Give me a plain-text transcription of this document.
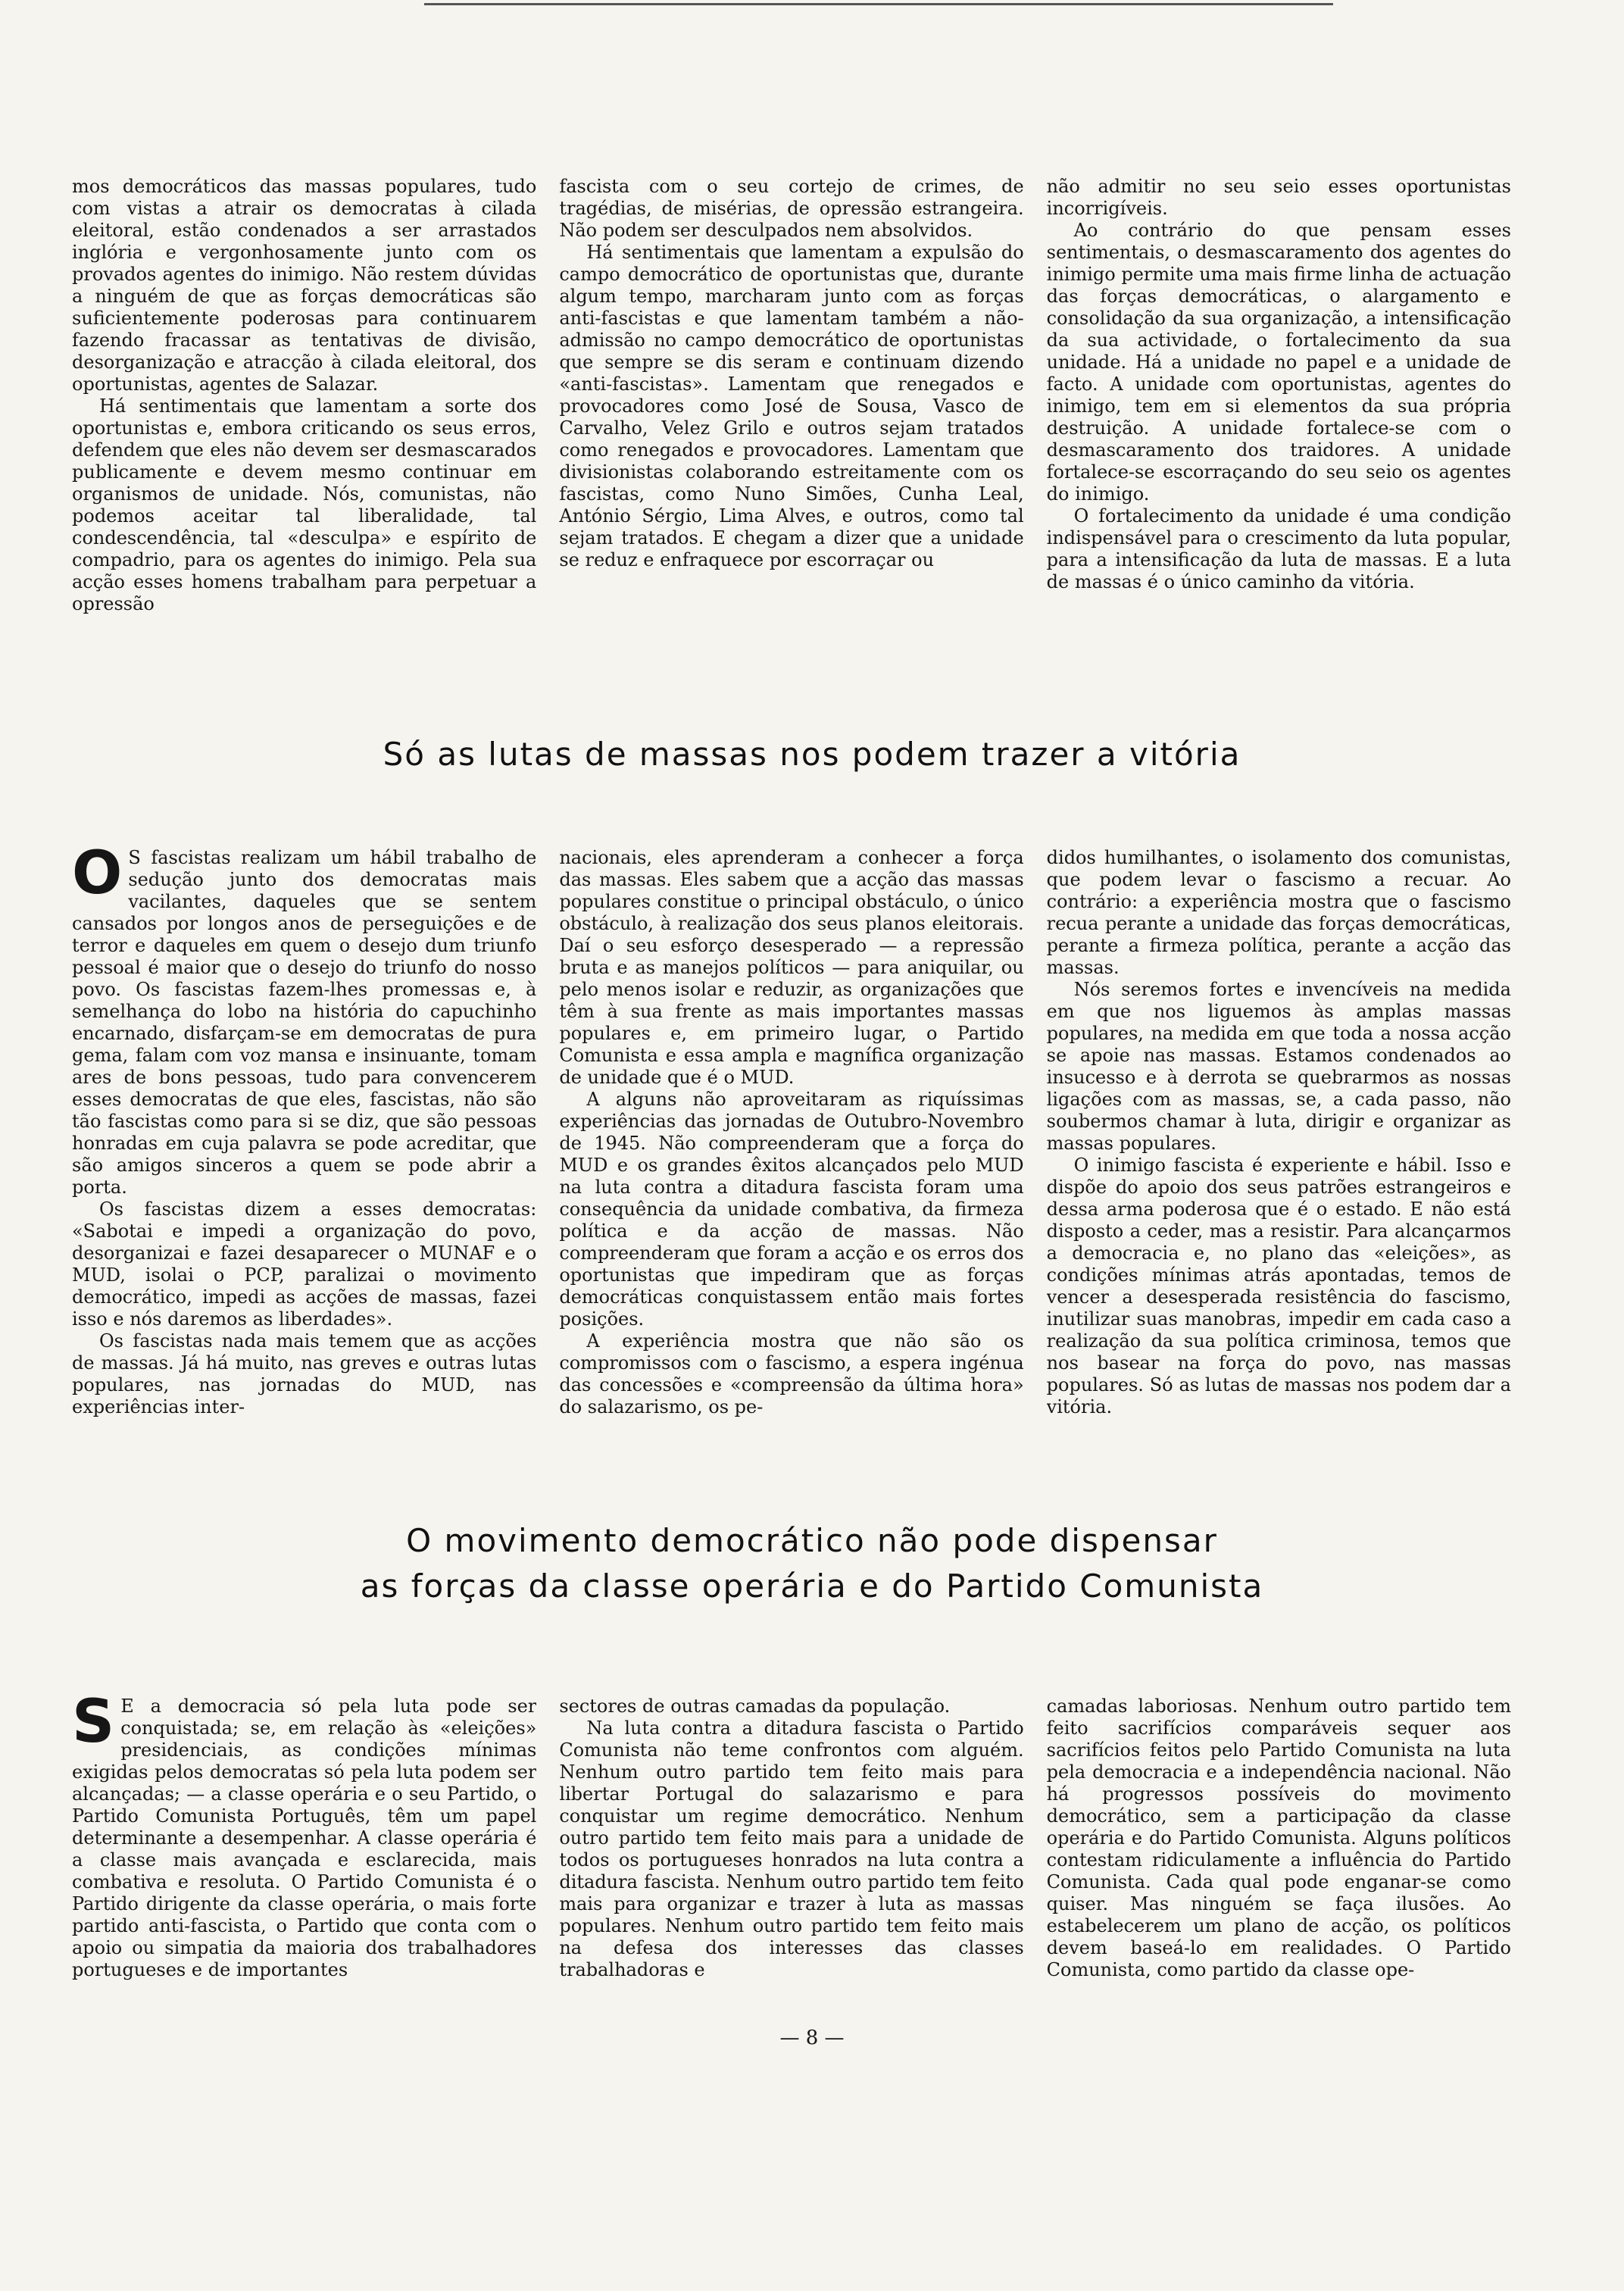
mos democráticos das massas populares, tudo com vistas a atrair os democratas à cilada eleitoral, estão condenados a ser arrastados inglória e vergonhosamente junto com os provados agentes do inimigo. Não restem dúvidas a ninguém de que as forças democráticas são suficientemente poderosas para continuarem fazendo fracassar as tentativas de divisão, desorganização e atracção à cilada eleitoral, dos oportunistas, agentes de Salazar.

Há sentimentais que lamentam a sorte dos oportunistas e, embora criticando os seus erros, defendem que eles não devem ser desmascarados publicamente e devem mesmo continuar em organismos de unidade. Nós, comunistas, não podemos aceitar tal liberalidade, tal condescendência, tal «desculpa» e espírito de compadrio, para os agentes do inimigo. Pela sua acção esses homens trabalham para perpetuar a opressão

fascista com o seu cortejo de crimes, de tragédias, de misérias, de opressão estrangeira. Não podem ser desculpados nem absolvidos.

Há sentimentais que lamentam a expulsão do campo democrático de oportunistas que, durante algum tempo, marcharam junto com as forças anti-fascistas e que lamentam também a não-admissão no campo democrático de oportunistas que sempre se dis seram e continuam dizendo «anti-fascistas». Lamentam que renegados e provocadores como José de Sousa, Vasco de Carvalho, Velez Grilo e outros sejam tratados como renegados e provocadores. Lamentam que divisionistas colaborando estreitamente com os fascistas, como Nuno Simões, Cunha Leal, António Sérgio, Lima Alves, e outros, como tal sejam tratados. E chegam a dizer que a unidade se reduz e enfraquece por escorraçar ou

não admitir no seu seio esses oportunistas incorrigíveis.

Ao contrário do que pensam esses sentimentais, o desmascaramento dos agentes do inimigo permite uma mais firme linha de actuação das forças democráticas, o alargamento e consolidação da sua organização, a intensificação da sua actividade, o fortalecimento da sua unidade. Há a unidade no papel e a unidade de facto. A unidade com oportunistas, agentes do inimigo, tem em si elementos da sua própria destruição. A unidade fortalece-se com o desmascaramento dos traidores. A unidade fortalece-se escorraçando do seu seio os agentes do inimigo.

O fortalecimento da unidade é uma condição indispensável para o crescimento da luta popular, para a intensificação da luta de massas. E a luta de massas é o único caminho da vitória.

Só as lutas de massas nos podem trazer a vitória

O S fascistas realizam um hábil trabalho de sedução junto dos democratas mais vacilantes, daqueles que se sentem cansados por longos anos de perseguições e de terror e daqueles em quem o desejo dum triunfo pessoal é maior que o desejo do triunfo do nosso povo. Os fascistas fazem-lhes promessas e, à semelhança do lobo na história do capuchinho encarnado, disfarçam-se em democratas de pura gema, falam com voz mansa e insinuante, tomam ares de bons pessoas, tudo para convencerem esses democratas de que eles, fascistas, não são tão fascistas como para si se diz, que são pessoas honradas em cuja palavra se pode acreditar, que são amigos sinceros a quem se pode abrir a porta.

Os fascistas dizem a esses democratas: «Sabotai e impedi a organização do povo, desorganizai e fazei desaparecer o MUNAF e o MUD, isolai o PCP, paralizai o movimento democrático, impedi as acções de massas, fazei isso e nós daremos as liberdades».

Os fascistas nada mais temem que as acções de massas. Já há muito, nas greves e outras lutas populares, nas jornadas do MUD, nas experiências inter-

nacionais, eles aprenderam a conhecer a força das massas. Eles sabem que a acção das massas populares constitue o principal obstáculo, o único obstáculo, à realização dos seus planos eleitorais. Daí o seu esforço desesperado — a repressão bruta e as manejos políticos — para aniquilar, ou pelo menos isolar e reduzir, as organizações que têm à sua frente as mais importantes massas populares e, em primeiro lugar, o Partido Comunista e essa ampla e magnífica organização de unidade que é o MUD.

A alguns não aproveitaram as riquíssimas experiências das jornadas de Outubro-Novembro de 1945. Não compreenderam que a força do MUD e os grandes êxitos alcançados pelo MUD na luta contra a ditadura fascista foram uma consequência da unidade combativa, da firmeza política e da acção de massas. Não compreenderam que foram a acção e os erros dos oportunistas que impediram que as forças democráticas conquistassem então mais fortes posições.

A experiência mostra que não são os compromissos com o fascismo, a espera ingénua das concessões e «compreensão da última hora» do salazarismo, os pe-

didos humilhantes, o isolamento dos comunistas, que podem levar o fascismo a recuar. Ao contrário: a experiência mostra que o fascismo recua perante a unidade das forças democráticas, perante a firmeza política, perante a acção das massas.

Nós seremos fortes e invencíveis na medida em que nos liguemos às amplas massas populares, na medida em que toda a nossa acção se apoie nas massas. Estamos condenados ao insucesso e à derrota se quebrarmos as nossas ligações com as massas, se, a cada passo, não soubermos chamar à luta, dirigir e organizar as massas populares.

O inimigo fascista é experiente e hábil. Isso e dispõe do apoio dos seus patrões estrangeiros e dessa arma poderosa que é o estado. E não está disposto a ceder, mas a resistir. Para alcançarmos a democracia e, no plano das «eleições», as condições mínimas atrás apontadas, temos de vencer a desesperada resistência do fascismo, inutilizar suas manobras, impedir em cada caso a realização da sua política criminosa, temos que nos basear na força do povo, nas massas populares. Só as lutas de massas nos podem dar a vitória.

O movimento democrático não pode dispensar
as forças da classe operária e do Partido Comunista

S E a democracia só pela luta pode ser conquistada; se, em relação às «eleições» presidenciais, as condições mínimas exigidas pelos democratas só pela luta podem ser alcançadas; — a classe operária e o seu Partido, o Partido Comunista Português, têm um papel determinante a desempenhar. A classe operária é a classe mais avançada e esclarecida, mais combativa e resoluta. O Partido Comunista é o Partido dirigente da classe operária, o mais forte partido anti-fascista, o Partido que conta com o apoio ou simpatia da maioria dos trabalhadores portugueses e de importantes

sectores de outras camadas da população.

Na luta contra a ditadura fascista o Partido Comunista não teme confrontos com alguém. Nenhum outro partido tem feito mais para libertar Portugal do salazarismo e para conquistar um regime democrático. Nenhum outro partido tem feito mais para a unidade de todos os portugueses honrados na luta contra a ditadura fascista. Nenhum outro partido tem feito mais para organizar e trazer à luta as massas populares. Nenhum outro partido tem feito mais na defesa dos interesses das classes trabalhadoras e

camadas laboriosas. Nenhum outro partido tem feito sacrifícios comparáveis sequer aos sacrifícios feitos pelo Partido Comunista na luta pela democracia e a independência nacional. Não há progressos possíveis do movimento democrático, sem a participação da classe operária e do Partido Comunista. Alguns políticos contestam ridiculamente a influência do Partido Comunista. Cada qual pode enganar-se como quiser. Mas ninguém se faça ilusões. Ao estabelecerem um plano de acção, os políticos devem baseá-lo em realidades. O Partido Comunista, como partido da classe ope-

— 8 —
